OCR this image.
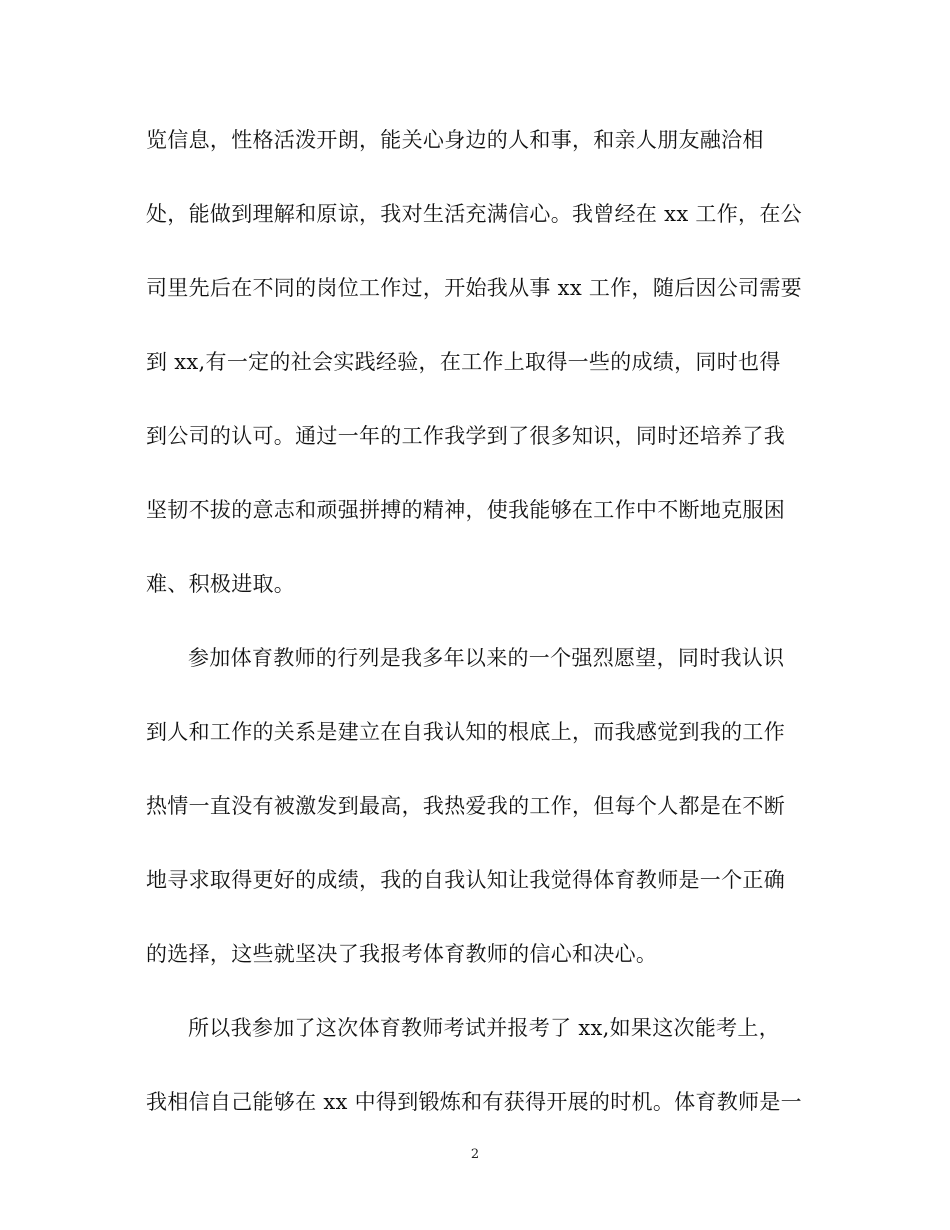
览信息，性格活泼开朗，能关心身边的人和事，和亲人朋友融洽相
处，能做到理解和原谅，我对生活充满信心。我曾经在 xx 工作，在公
司里先后在不同的岗位工作过，开始我从事 xx 工作，随后因公司需要
到 xx,有一定的社会实践经验，在工作上取得一些的成绩，同时也得
到公司的认可。通过一年的工作我学到了很多知识，同时还培养了我
坚韧不拔的意志和顽强拼搏的精神，使我能够在工作中不断地克服困
难、积极进取。
参加体育教师的行列是我多年以来的一个强烈愿望，同时我认识
到人和工作的关系是建立在自我认知的根底上，而我感觉到我的工作
热情一直没有被激发到最高，我热爱我的工作，但每个人都是在不断
地寻求取得更好的成绩，我的自我认知让我觉得体育教师是一个正确
的选择，这些就坚决了我报考体育教师的信心和决心。
所以我参加了这次体育教师考试并报考了 xx,如果这次能考上，
我相信自己能够在 xx 中得到锻炼和有获得开展的时机。体育教师是一
2
